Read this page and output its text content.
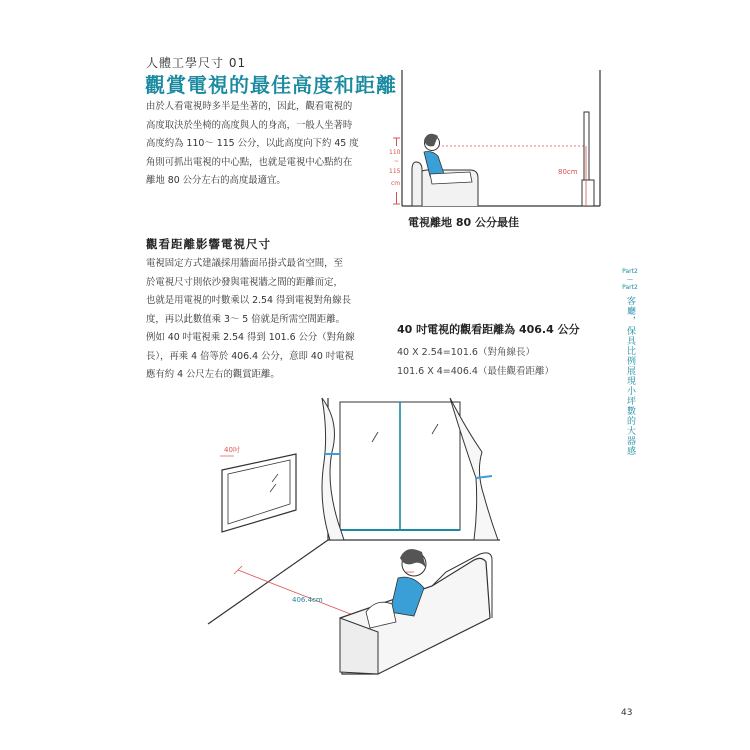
人體工學尺寸 01
觀賞電視的最佳高度和距離

由於人看電視時多半是坐著的，因此，觀看電視的

高度取決於坐椅的高度與人的身高，一般人坐著時

高度約為 110～ 115 公分，以此高度向下約 45 度

角則可抓出電視的中心點，也就是電視中心點約在

離地 80 公分左右的高度最適宜。

110
~
115
cm
80cm
電視離地 80 公分最佳
觀看距離影響電視尺寸

電視固定方式建議採用牆面吊掛式最省空間，至

於電視尺寸則依沙發與電視牆之間的距離而定，

也就是用電視的吋數乘以 2.54 得到電視對角線長

度，再以此數值乘 3～ 5 倍就是所需空間距離。

例如 40 吋電視乘 2.54 得到 101.6 公分（對角線

長），再乘 4 倍等於 406.4 公分，意即 40 吋電視

應有約 4 公尺左右的觀賞距離。

40 吋電視的觀看距離為 406.4 公分

40 X 2.54=101.6（對角線長）

101.6 X 4=406.4（最佳觀看距離）

40吋
406.4cm
Part2
—
Part2
客廳，保具比例展現小坪數的大器感
43
